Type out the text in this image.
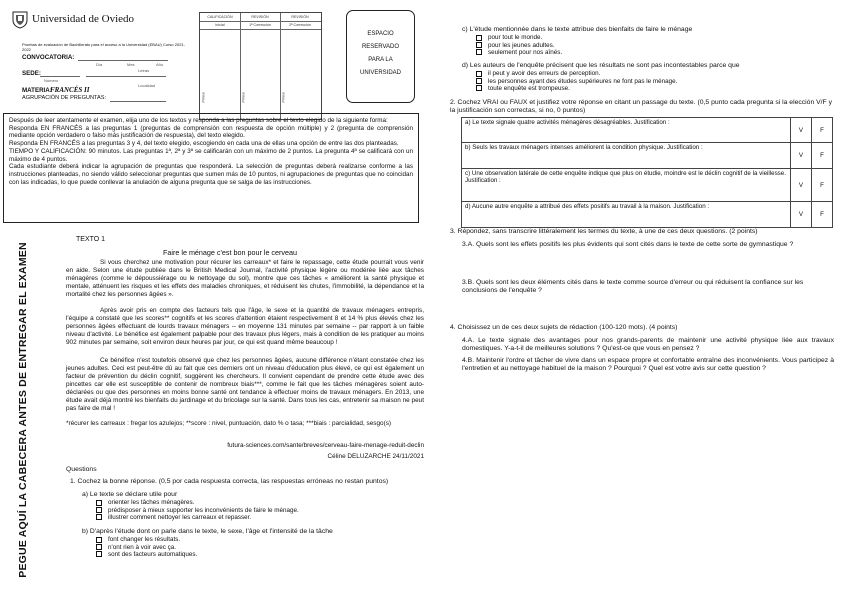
Universidad de Oviedo
Pruebas de evaluación de Bachillerato para el acceso a la Universidad (EBAU) Curso 2021-2022
CONVOCATORIA:
Día	Mes	Año
SEDE:
Número
Letras
Localidad
MATERIA:
FRANCÉS II
AGRUPACIÓN DE PREGUNTAS:
CALIFICACIÓN	REVISIÓN	REVISIÓN
Inicial	1ª Corrección	2ª Corrección
Firma	Firma	Firma
ESPACIO
RESERVADO
PARA LA
UNIVERSIDAD

Después de leer atentamente el examen, elija uno de los textos y responda a las preguntas sobre el texto elegido de la siguiente forma:

Responda EN FRANCÉS a las preguntas 1 (preguntas de comprensión con respuesta de opción múltiple) y 2 (pregunta de comprensión mediante opción verdadero o falso más justificación de respuesta), del texto elegido.

Responda EN FRANCÉS a las preguntas 3 y 4, del texto elegido, escogiendo en cada una de ellas una opción de entre las dos planteadas.

TIEMPO Y CALIFICACIÓN: 90 minutos. Las preguntas 1ª, 2ª y 3ª se calificarán con un máximo de 2 puntos. La pregunta 4ª se calificará con un máximo de 4 puntos.

Cada estudiante deberá indicar la agrupación de preguntas que responderá. La selección de preguntas deberá realizarse conforme a las instrucciones planteadas, no siendo válido seleccionar preguntas que sumen más de 10 puntos, ni agrupaciones de preguntas que no coincidan con las indicadas, lo que puede conllevar la anulación de alguna pregunta que se salga de las instrucciones.

PEGUE AQUÍ LA CABECERA ANTES DE ENTREGAR EL EXAMEN
TEXTO 1
Faire le ménage c'est bon pour le cerveau
Si vous cherchez une motivation pour récurer les carreaux* et faire le repassage, cette étude pourrait vous venir en aide. Selon une étude publiée dans le British Medical Journal, l'activité physique légère ou modérée liée aux tâches ménagères (comme le dépoussiérage ou le nettoyage du sol), montre que ces tâches « améliorent la santé physique et mentale, atténuent les risques et les effets des maladies chroniques, et réduisent les chutes, l'immobilité, la dépendance et la mortalité chez les personnes âgées ».
Après avoir pris en compte des facteurs tels que l'âge, le sexe et la quantité de travaux ménagers entrepris, l'équipe a constaté que les scores** cognitifs et les scores d'attention étaient respectivement 8 et 14 % plus élevés chez les personnes âgées effectuant de lourds travaux ménagers -- en moyenne 131 minutes par semaine -- par rapport à un faible niveau d'activité. Le bénéfice est également palpable pour des travaux plus légers, mais à condition de les pratiquer au moins 902 minutes par semaine, soit environ deux heures par jour, ce qui est quand même beaucoup !
Ce bénéfice n'est toutefois observé que chez les personnes âgées, aucune différence n'étant constatée chez les jeunes adultes. Ceci est peut-être dû au fait que ces derniers ont un niveau d'éducation plus élevé, ce qui est également un facteur de prévention du déclin cognitif, suggèrent les chercheurs. Il convient cependant de prendre cette étude avec des pincettes car elle est susceptible de contenir de nombreux biais***, comme le fait que les tâches ménagères soient auto-déclarées ou que des personnes en moins bonne santé ont tendance à effectuer moins de travaux ménagers. En 2013, une étude avait déjà montré les bienfaits du jardinage et du bricolage sur la santé. Dans tous les cas, entretenir sa maison ne peut pas faire de mal !
*récurer les carreaux : fregar los azulejos; **score : nivel, puntuación, dato % o tasa; ***biais : parcialidad, sesgo(s)
futura-sciences.com/sante/breves/cerveau-faire-menage-reduit-declin
Céline DELUZARCHE 24/11/2021
Questions
1. Cochez la bonne réponse. (0,5 por cada respuesta correcta, las respuestas erróneas no restan puntos)
a) Le texte se déclare utile pour
orienter les tâches ménagères.
prédisposer à mieux supporter les inconvénients de faire le ménage.
illustrer comment nettoyer les carreaux et repasser.
b) D'après l'étude dont on parle dans le texte, le sexe, l'âge et l'intensité de la tâche
font changer les résultats.
n'ont rien à voir avec ça.
sont des facteurs automatiques.
c) L'étude mentionnée dans le texte attribue des bienfaits de faire le ménage
pour tout le monde.
pour les jeunes adultes.
seulement pour nos aînés.
d) Les auteurs de l'enquête précisent que les résultats ne sont pas incontestables parce que
il peut y avoir des erreurs de perception.
les personnes ayant des études supérieures ne font pas le ménage.
toute enquête est trompeuse.
2. Cochez VRAI ou FAUX et justifiez votre réponse en citant un passage du texte. (0,5 punto cada pregunta si la elección V/F y la justificación son correctas, si no, 0 puntos)
a) Le texte signale quatre activités ménagères désagréables. Justification :	V	F
b) Seuls les travaux ménagers intenses améliorent la condition physique. Justification :	V	F
c) Une observation latérale de cette enquête indique que plus on étudie, moindre est le déclin cognitif de la vieillesse. Justification :	V	F
d) Aucune autre enquête a attribué des effets positifs au travail à la maison. Justification :	V	F
3. Répondez, sans transcrire littéralement les termes du texte, à une de ces deux questions. (2 points)
3.A. Quels sont les effets positifs les plus évidents qui sont cités dans le texte de cette sorte de gymnastique ?
3.B. Quels sont les deux éléments cités dans le texte comme source d'erreur ou qui réduisent la confiance sur les conclusions de l'enquête ?
4. Choisissez un de ces deux sujets de rédaction (100-120 mots). (4 points)
4.A. Le texte signale des avantages pour nos grands-parents de maintenir une activité physique liée aux travaux domestiques. Y-a-t-il de meilleures solutions ? Qu'est-ce que vous en pensez ?
4.B. Maintenir l'ordre et tâcher de vivre dans un espace propre et confortable entraîne des inconvénients. Vous participez à l'entretien et au nettoyage habituel de la maison ? Pourquoi ? Quel est votre avis sur cette question ?
